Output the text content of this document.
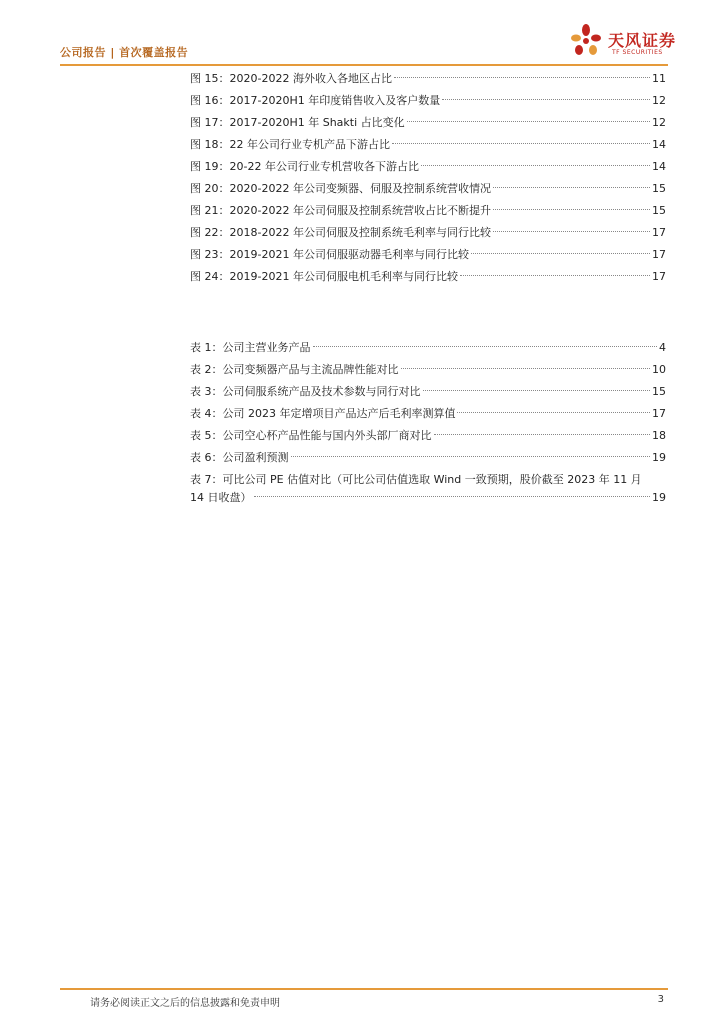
公司报告 | 首次覆盖报告
天风证券
TF SECURITIES
图 15：2020-2022 海外收入各地区占比	11
图 16：2017-2020H1 年印度销售收入及客户数量	12
图 17：2017-2020H1 年 Shakti 占比变化	12
图 18：22 年公司行业专机产品下游占比	14
图 19：20-22 年公司行业专机营收各下游占比	14
图 20：2020-2022 年公司变频器、伺服及控制系统营收情况	15
图 21：2020-2022 年公司伺服及控制系统营收占比不断提升	15
图 22：2018-2022 年公司伺服及控制系统毛利率与同行比较	17
图 23：2019-2021 年公司伺服驱动器毛利率与同行比较	17
图 24：2019-2021 年公司伺服电机毛利率与同行比较	17
表 1：公司主营业务产品	4
表 2：公司变频器产品与主流品牌性能对比	10
表 3：公司伺服系统产品及技术参数与同行对比	15
表 4：公司 2023 年定增项目产品达产后毛利率测算值	17
表 5：公司空心杯产品性能与国内外头部厂商对比	18
表 6：公司盈利预测	19
表 7：可比公司 PE 估值对比（可比公司估值选取 Wind 一致预期，股价截至 2023 年 11 月
14 日收盘）	19
请务必阅读正文之后的信息披露和免责申明	3
